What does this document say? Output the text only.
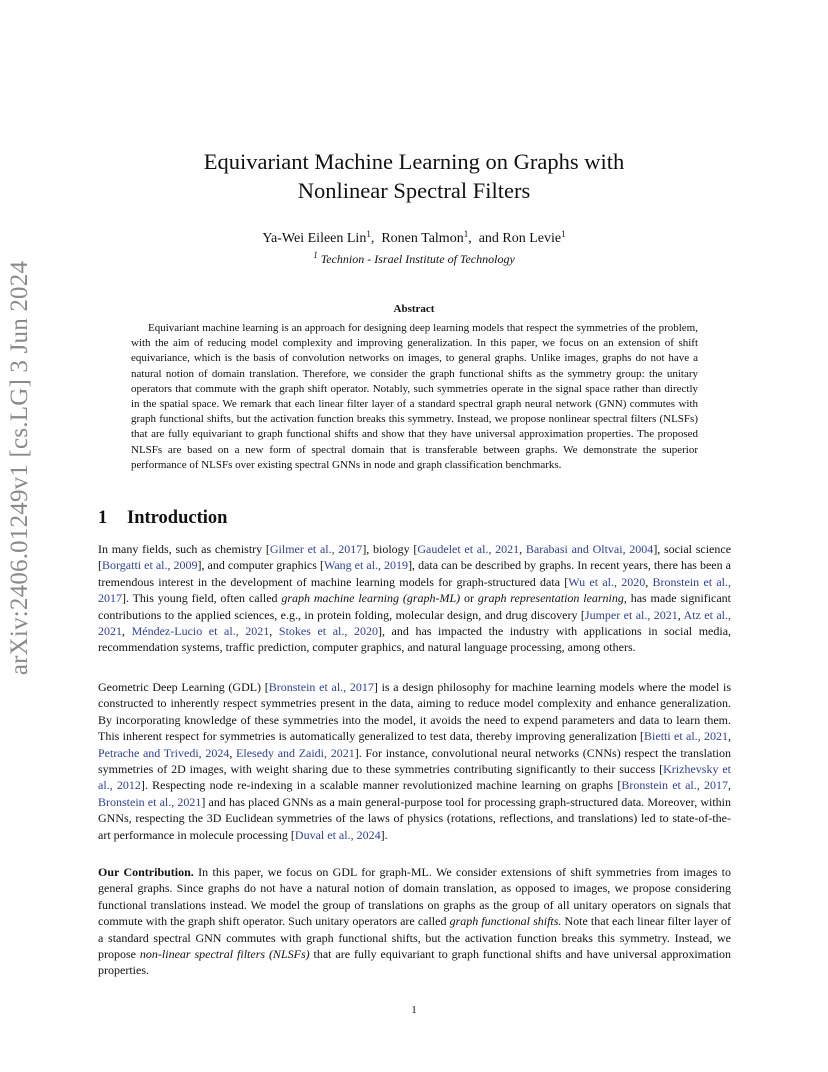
arXiv:2406.01249v1 [cs.LG] 3 Jun 2024
Equivariant Machine Learning on Graphs with
Nonlinear Spectral Filters
Ya-Wei Eileen Lin$^1$,  Ronen Talmon$^1$,  and Ron Levie$^1$
$^1$ Technion - Israel Institute of Technology
Abstract

Equivariant machine learning is an approach for designing deep learning models that respect the symmetries of the problem, with the aim of reducing model complexity and improving generalization. In this paper, we focus on an extension of shift equivariance, which is the basis of convolution networks on images, to general graphs. Unlike images, graphs do not have a natural notion of domain translation. Therefore, we consider the graph functional shifts as the symmetry group: the unitary operators that commute with the graph shift operator. Notably, such symmetries operate in the signal space rather than directly in the spatial space. We remark that each linear filter layer of a standard spectral graph neural network (GNN) commutes with graph functional shifts, but the activation function breaks this symmetry. Instead, we propose nonlinear spectral filters (NLSFs) that are fully equivariant to graph functional shifts and show that they have universal approximation properties. The proposed NLSFs are based on a new form of spectral domain that is transferable between graphs. We demonstrate the superior performance of NLSFs over existing spectral GNNs in node and graph classification benchmarks.

1 Introduction

In many fields, such as chemistry [Gilmer et al., 2017], biology [Gaudelet et al., 2021, Barabasi and Oltvai, 2004], social science [Borgatti et al., 2009], and computer graphics [Wang et al., 2019], data can be described by graphs. In recent years, there has been a tremendous interest in the development of machine learning models for graph-structured data [Wu et al., 2020, Bronstein et al., 2017]. This young field, often called graph machine learning (graph-ML) or graph representation learning, has made significant contributions to the applied sciences, e.g., in protein folding, molecular design, and drug discovery [Jumper et al., 2021, Atz et al., 2021, Méndez-Lucio et al., 2021, Stokes et al., 2020], and has impacted the industry with applications in social media, recommendation systems, traffic prediction, computer graphics, and natural language processing, among others.

Geometric Deep Learning (GDL) [Bronstein et al., 2017] is a design philosophy for machine learning models where the model is constructed to inherently respect symmetries present in the data, aiming to reduce model complexity and enhance generalization. By incorporating knowledge of these symmetries into the model, it avoids the need to expend parameters and data to learn them. This inherent respect for symmetries is automatically generalized to test data, thereby improving generalization [Bietti et al., 2021, Petrache and Trivedi, 2024, Elesedy and Zaidi, 2021]. For instance, convolutional neural networks (CNNs) respect the translation symmetries of 2D images, with weight sharing due to these symmetries contributing significantly to their success [Krizhevsky et al., 2012]. Respecting node re-indexing in a scalable manner revolutionized machine learning on graphs [Bronstein et al., 2017, Bronstein et al., 2021] and has placed GNNs as a main general-purpose tool for processing graph-structured data. Moreover, within GNNs, respecting the 3D Euclidean symmetries of the laws of physics (rotations, reflections, and translations) led to state-of-the-art performance in molecule processing [Duval et al., 2024].

Our Contribution. In this paper, we focus on GDL for graph-ML. We consider extensions of shift symmetries from images to general graphs. Since graphs do not have a natural notion of domain translation, as opposed to images, we propose considering functional translations instead. We model the group of translations on graphs as the group of all unitary operators on signals that commute with the graph shift operator. Such unitary operators are called graph functional shifts. Note that each linear filter layer of a standard spectral GNN commutes with graph functional shifts, but the activation function breaks this symmetry. Instead, we propose non-linear spectral filters (NLSFs) that are fully equivariant to graph functional shifts and have universal approximation properties.

1
